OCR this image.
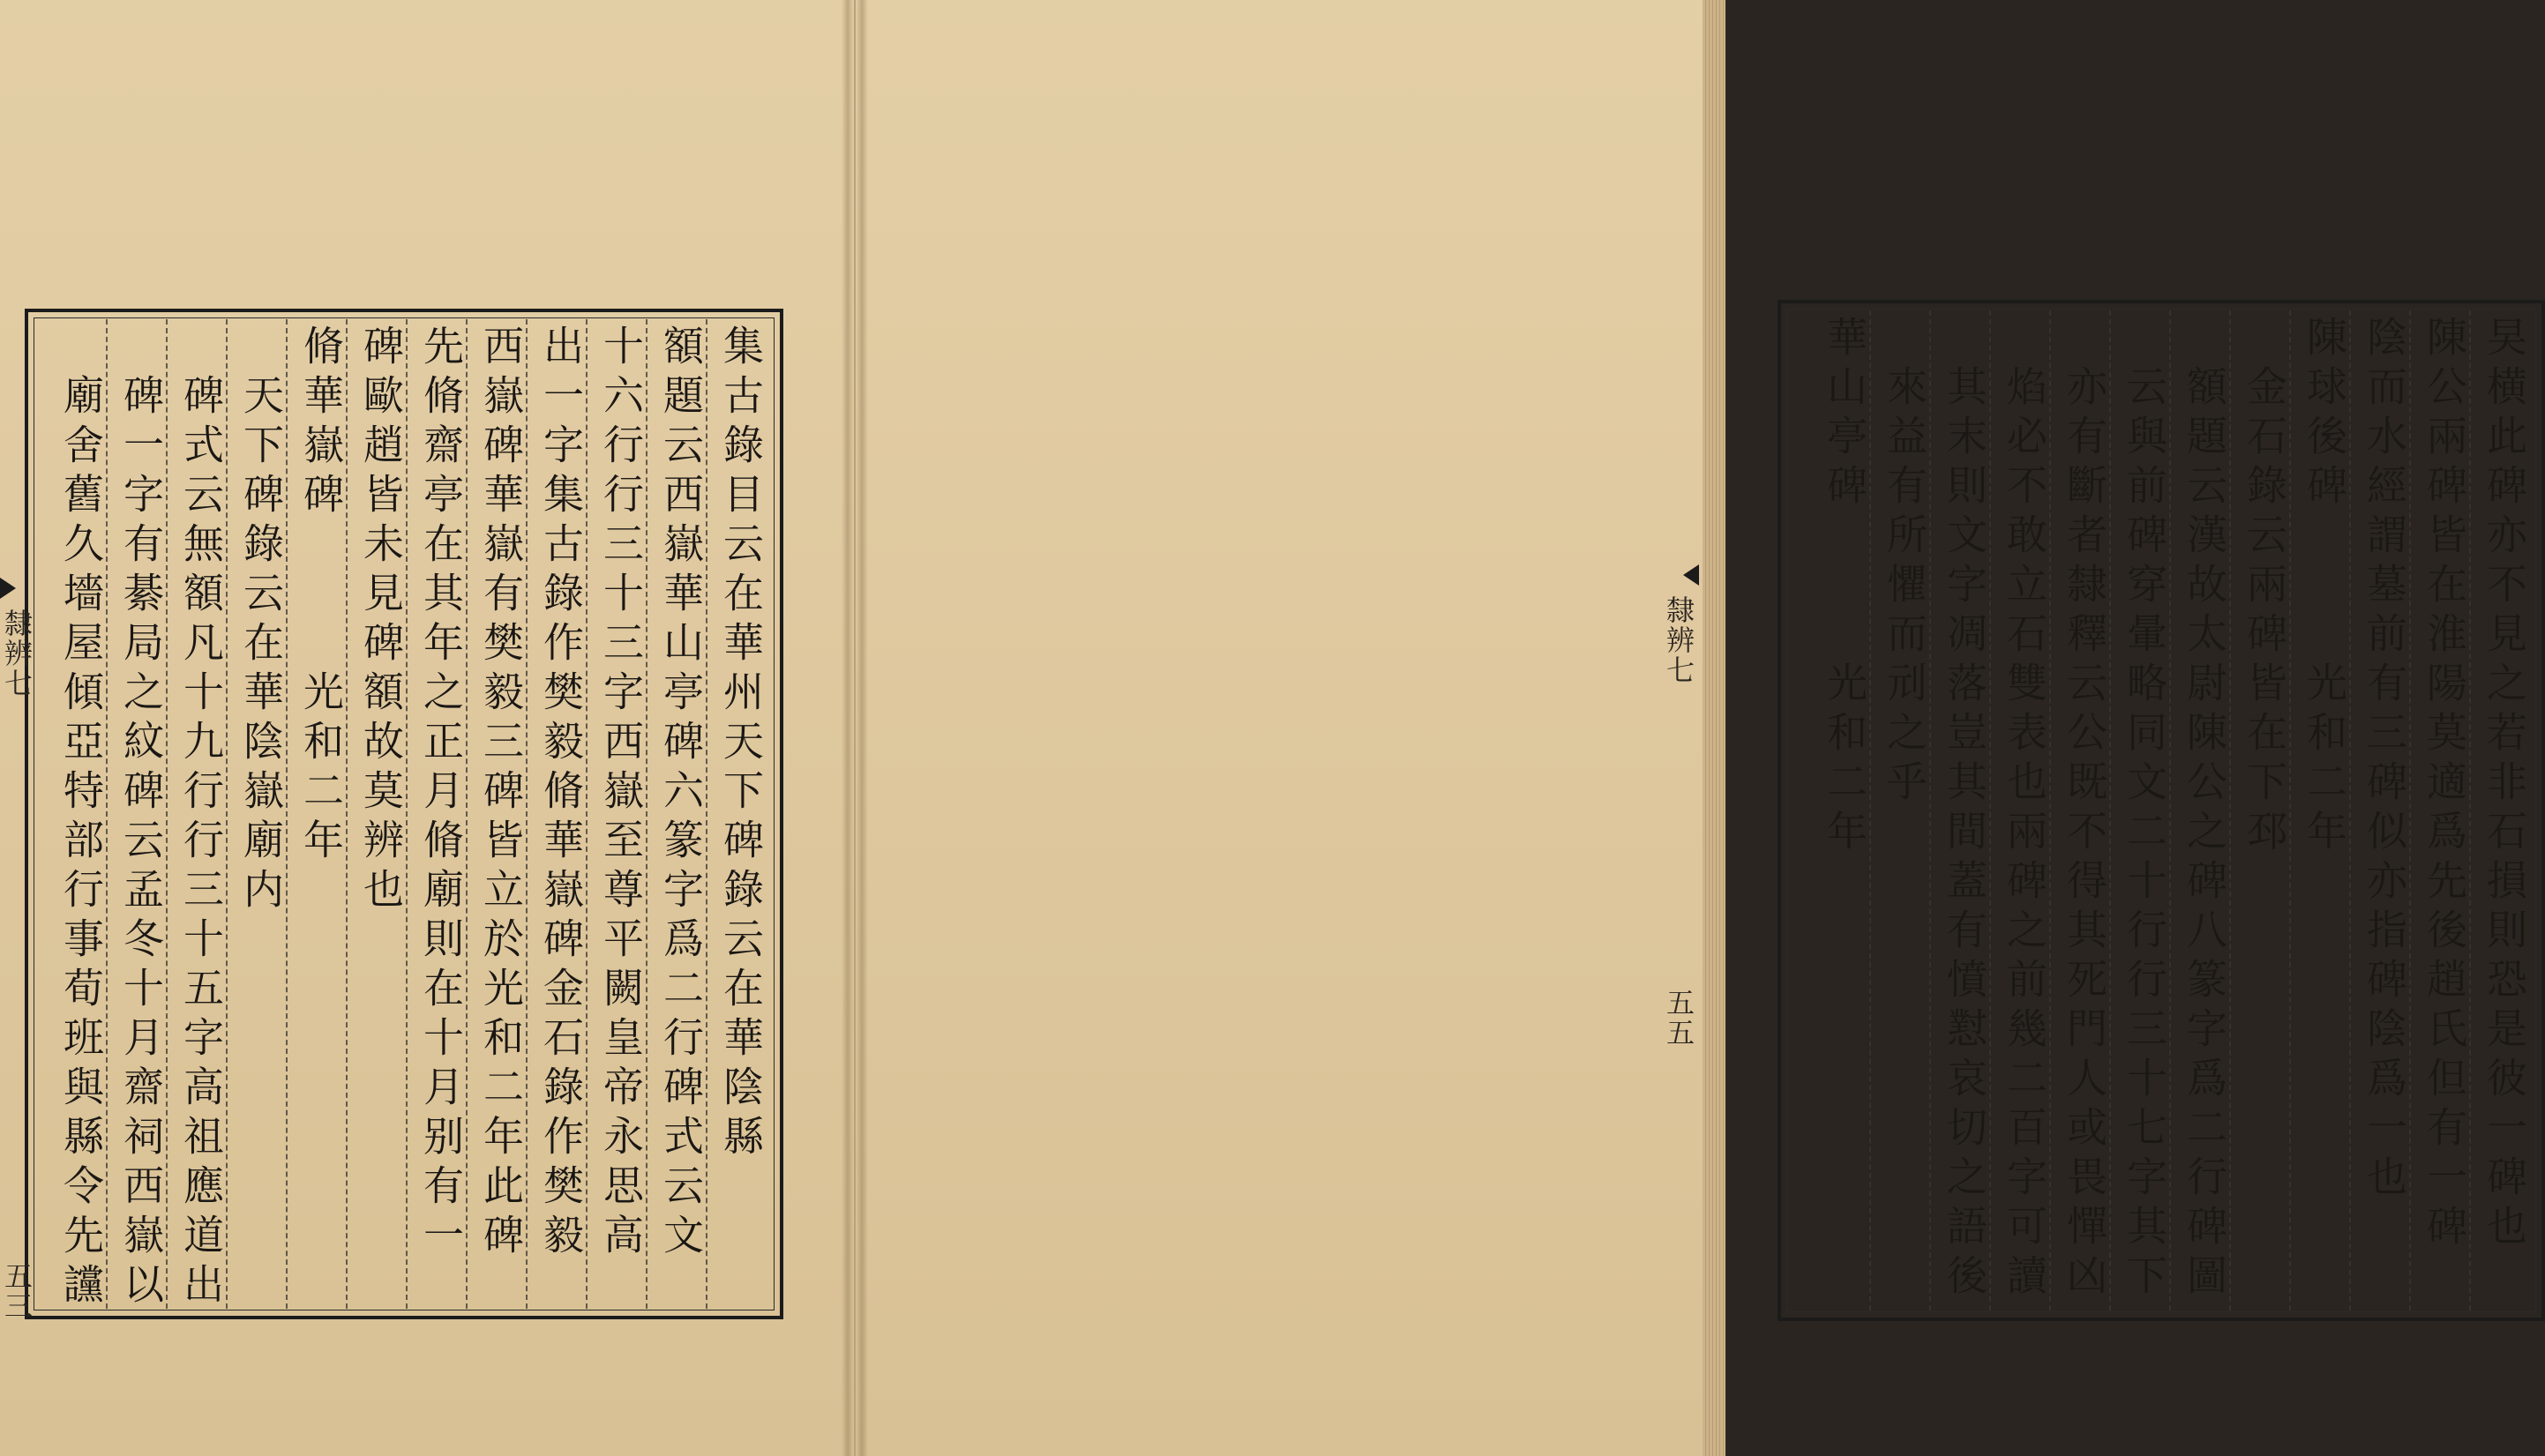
集古錄目云在華州天下碑錄云在華陰縣
額題云西嶽華山亭碑六篆字爲二行碑式云文
十六行行三十三字西嶽至尊平闕皇帝永思高
出一字集古錄作樊毅脩華嶽碑金石錄作樊毅
西嶽碑華嶽有樊毅三碑皆立於光和二年此碑
先脩齋亭在其年之正月脩廟則在十月别有一
碑歐趙皆未見碑額故莫辨也
脩華嶽碑　　　光和二年
天下碑錄云在華陰嶽廟内
碑式云無額凡十九行行三十五字高祖應道出
碑一字有綦局之紋碑云孟冬十月齋祠西嶽以
廟舍舊久墻屋傾亞特部行事荀班與縣令先讜
隸辨七
五三
旲横此碑亦不見之若非石損則恐是彼一碑也
陳公兩碑皆在淮陽莫適爲先後趙氏但有一碑
陰而水經謂墓前有三碑似亦指碑陰爲一也
陳球後碑　　　光和二年
金石錄云兩碑皆在下邳
額題云漢故太尉陳公之碑八篆字爲二行碑圖
云與前碑穿暈略同文二十行行三十七字其下
亦有斷者隸釋云公既不得其死門人或畏憚凶
焰必不敢立石雙表也兩碑之前幾二百字可讀
其末則文字凋落豈其間蓋有憤懟哀切之語後
來益有所懼而刓之乎
華山亭碑　　　光和二年
隸辨七
五五
